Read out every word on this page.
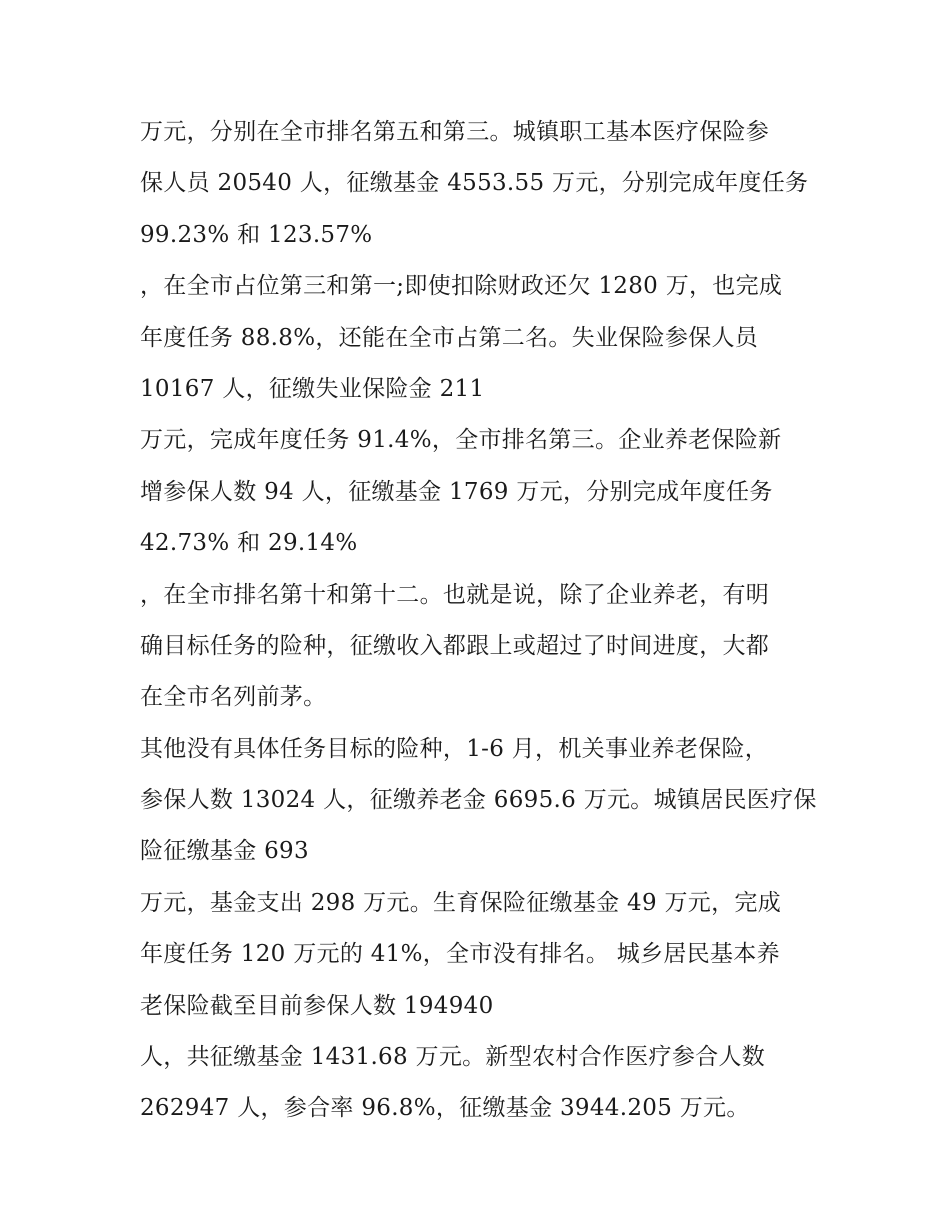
万元，分别在全市排名第五和第三。城镇职工基本医疗保险参
保人员 20540 人，征缴基金 4553.55 万元，分别完成年度任务
99.23% 和 123.57%
，在全市占位第三和第一;即使扣除财政还欠 1280 万，也完成
年度任务 88.8%，还能在全市占第二名。失业保险参保人员
10167 人，征缴失业保险金 211
万元，完成年度任务 91.4%，全市排名第三。企业养老保险新
增参保人数 94 人，征缴基金 1769 万元，分别完成年度任务
42.73% 和 29.14%
，在全市排名第十和第十二。也就是说，除了企业养老，有明
确目标任务的险种，征缴收入都跟上或超过了时间进度，大都
在全市名列前茅。
其他没有具体任务目标的险种，1-6 月，机关事业养老保险，
参保人数 13024 人，征缴养老金 6695.6 万元。城镇居民医疗保
险征缴基金 693
万元，基金支出 298 万元。生育保险征缴基金 49 万元，完成
年度任务 120 万元的 41%，全市没有排名。 城乡居民基本养
老保险截至目前参保人数 194940
人，共征缴基金 1431.68 万元。新型农村合作医疗参合人数
262947 人，参合率 96.8%，征缴基金 3944.205 万元。
